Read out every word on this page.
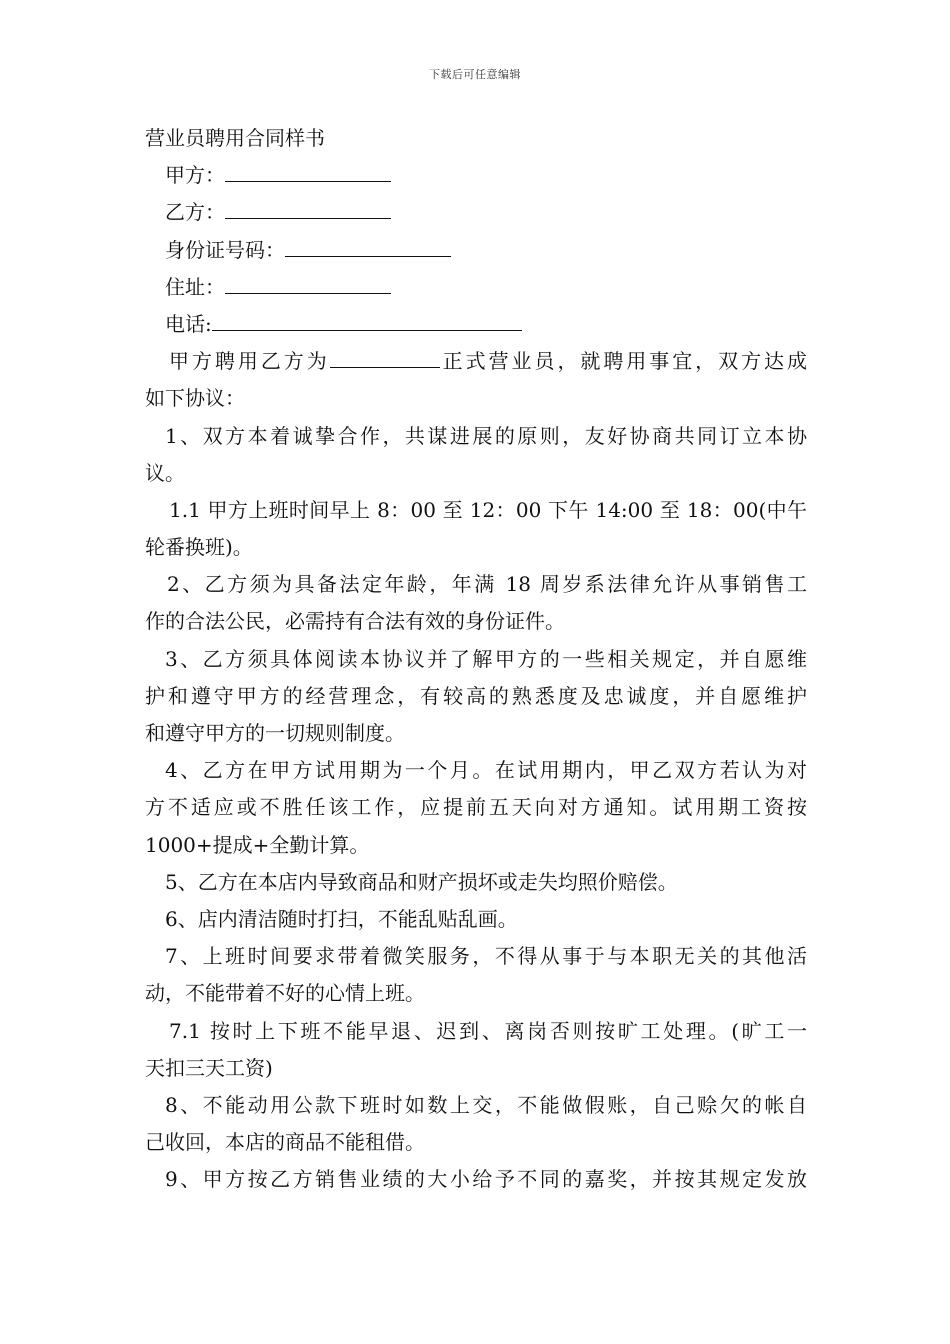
下载后可任意编辑
营业员聘用合同样书
甲方：
乙方：
身份证号码：
住址：
电话:
甲方聘用乙方为	正式营业员，就聘用事宜，双方达成
如下协议：
1、双方本着诚挚合作，共谋进展的原则，友好协商共同订立本协
议。
1.1 甲方上班时间早上 8：00 至 12：00 下午 14:00 至 18：00(中午
轮番换班)。
2、乙方须为具备法定年龄，年满 18 周岁系法律允许从事销售工
作的合法公民，必需持有合法有效的身份证件。
3、乙方须具体阅读本协议并了解甲方的一些相关规定，并自愿维
护和遵守甲方的经营理念，有较高的熟悉度及忠诚度，并自愿维护
和遵守甲方的一切规则制度。
4、乙方在甲方试用期为一个月。在试用期内，甲乙双方若认为对
方不适应或不胜任该工作，应提前五天向对方通知。试用期工资按
1000+提成+全勤计算。
5、乙方在本店内导致商品和财产损坏或走失均照价赔偿。
6、店内清洁随时打扫，不能乱贴乱画。
7、上班时间要求带着微笑服务，不得从事于与本职无关的其他活
动，不能带着不好的心情上班。
7.1 按时上下班不能早退、迟到、离岗否则按旷工处理。(旷工一
天扣三天工资)
8、不能动用公款下班时如数上交，不能做假账，自己赊欠的帐自
己收回，本店的商品不能租借。
9、甲方按乙方销售业绩的大小给予不同的嘉奖，并按其规定发放
